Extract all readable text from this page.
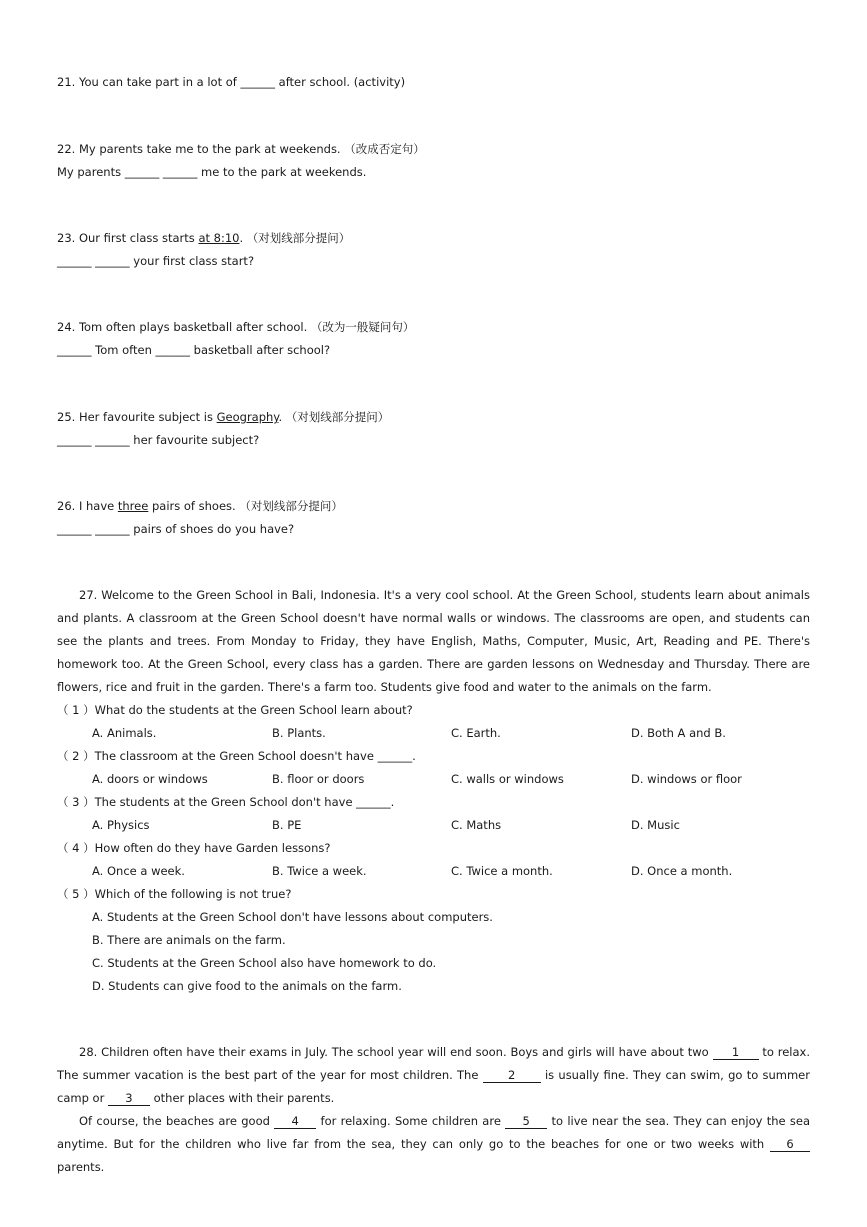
21. You can take part in a lot of ______ after school. (activity)
22. My parents take me to the park at weekends. （改成否定句）
My parents ______ ______ me to the park at weekends.
23. Our first class starts at 8:10. （对划线部分提问）
______ ______ your first class start?
24. Tom often plays basketball after school. （改为一般疑问句）
______ Tom often ______ basketball after school?
25. Her favourite subject is Geography. （对划线部分提问）
______ ______ her favourite subject?
26. I have three pairs of shoes. （对划线部分提问）
______ ______ pairs of shoes do you have?
27. Welcome to the Green School in Bali, Indonesia. It's a very cool school. At the Green School, students learn about animals and plants. A classroom at the Green School doesn't have normal walls or windows. The classrooms are open, and students can see the plants and trees. From Monday to Friday, they have English, Maths, Computer, Music, Art, Reading and PE. There's homework too. At the Green School, every class has a garden. There are garden lessons on Wednesday and Thursday. There are flowers, rice and fruit in the garden. There's a farm too. Students give food and water to the animals on the farm.
（ 1 ）What do the students at the Green School learn about?
A. Animals.	B. Plants.	C. Earth.	D. Both A and B.
（ 2 ）The classroom at the Green School doesn't have ______.
A. doors or windows	B. floor or doors	C. walls or windows	D. windows or floor
（ 3 ）The students at the Green School don't have ______.
A. Physics	B. PE	C. Maths	D. Music
（ 4 ）How often do they have Garden lessons?
A. Once a week.	B. Twice a week.	C. Twice a month.	D. Once a month.
（ 5 ）Which of the following is not true?
A. Students at the Green School don't have lessons about computers.
B. There are animals on the farm.
C. Students at the Green School also have homework to do.
D. Students can give food to the animals on the farm.
28. Children often have their exams in July. The school year will end soon. Boys and girls will have about two 1 to relax. The summer vacation is the best part of the year for most children. The 2 is usually fine. They can swim, go to summer camp or 3 other places with their parents.
Of course, the beaches are good 4 for relaxing. Some children are 5 to live near the sea. They can enjoy the sea anytime. But for the children who live far from the sea, they can only go to the beaches for one or two weeks with 6 parents.
